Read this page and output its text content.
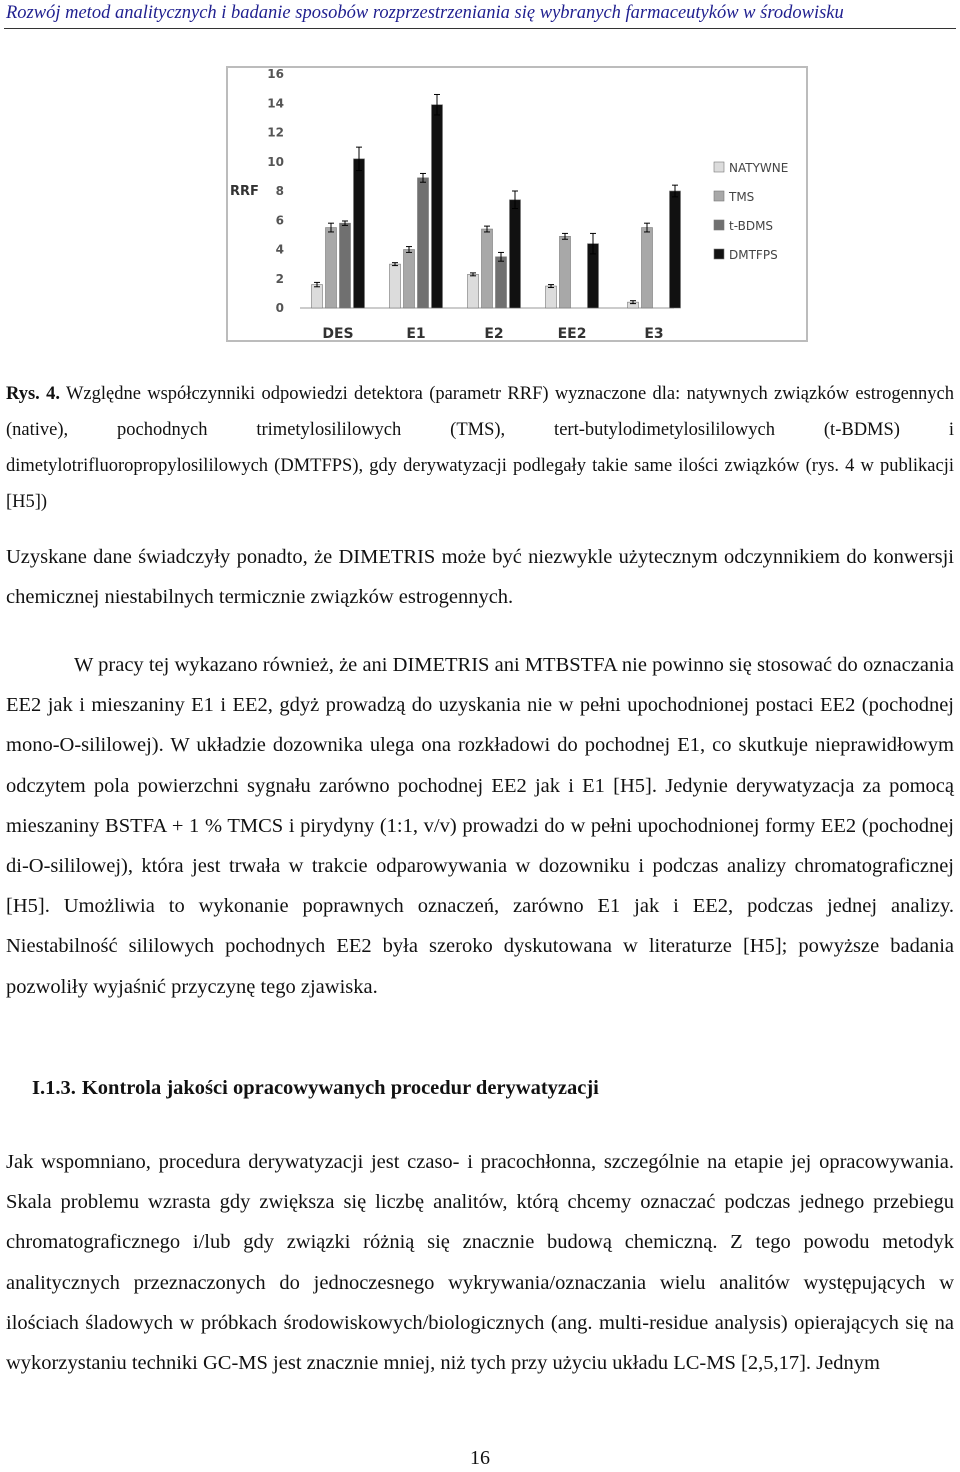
Rozwój metod analitycznych i badanie sposobów rozprzestrzeniania się wybranych farmaceutyków w środowisku
0
2
4
6
8
10
12
14
16
RRF
DES	E1	E2	EE2	E3
NATYWNE
TMS
t-BDMS
DMTFPS
Rys. 4. Względne współczynniki odpowiedzi detektora (parametr RRF) wyznaczone dla: natywnych związków estrogennych (native), pochodnych trimetylosililowych (TMS), tert-butylodimetylosililowych (t-BDMS) i dimetylotrifluoropropylosililowych (DMTFPS), gdy derywatyzacji podlegały takie same ilości związków (rys. 4 w publikacji [H5])
Uzyskane dane świadczyły ponadto, że DIMETRIS może być niezwykle użytecznym odczynnikiem do konwersji chemicznej niestabilnych termicznie związków estrogennych.
W pracy tej wykazano również, że ani DIMETRIS ani MTBSTFA nie powinno się stosować do oznaczania EE2 jak i mieszaniny E1 i EE2, gdyż prowadzą do uzyskania nie w pełni upochodnionej postaci EE2 (pochodnej mono-O-sililowej). W układzie dozownika ulega ona rozkładowi do pochodnej E1, co skutkuje nieprawidłowym odczytem pola powierzchni sygnału zarówno pochodnej EE2 jak i E1 [H5]. Jedynie derywatyzacja za pomocą mieszaniny BSTFA + 1 % TMCS i pirydyny (1:1, v/v) prowadzi do w pełni upochodnionej formy EE2 (pochodnej di-O-sililowej), która jest trwała w trakcie odparowywania w dozowniku i podczas analizy chromatograficznej [H5]. Umożliwia to wykonanie poprawnych oznaczeń, zarówno E1 jak i EE2, podczas jednej analizy. Niestabilność sililowych pochodnych EE2 była szeroko dyskutowana w literaturze [H5]; powyższe badania pozwoliły wyjaśnić przyczynę tego zjawiska.
I.1.3. Kontrola jakości opracowywanych procedur derywatyzacji
Jak wspomniano, procedura derywatyzacji jest czaso- i pracochłonna, szczególnie na etapie jej opracowywania. Skala problemu wzrasta gdy zwiększa się liczbę analitów, którą chcemy oznaczać podczas jednego przebiegu chromatograficznego i/lub gdy związki różnią się znacznie budową chemiczną. Z tego powodu metodyk analitycznych przeznaczonych do jednoczesnego wykrywania/oznaczania wielu analitów występujących w ilościach śladowych w próbkach środowiskowych/biologicznych (ang. multi-residue analysis) opierających się na wykorzystaniu techniki GC-MS jest znacznie mniej, niż tych przy użyciu układu LC-MS [2,5,17]. Jednym
16
